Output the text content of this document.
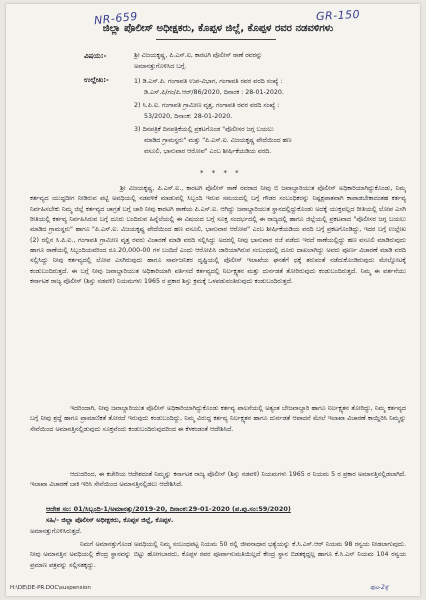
NR-659	GR-150
ಜಿಲ್ಲಾ ಪೊಲೀಸ್ ಅಧೀಕ್ಷಕರು, ಕೊಪ್ಪಳ ಜಿಲ್ಲೆ, ಕೊಪ್ಪಳ ರವರ ನಡವಳಿಗಳು
ವಿಷಯ:-	ಶ್ರೀ ವಿಜಯಕೃಷ್ಣ, ಪಿ.ಎಸ್.ಐ, ಕಾರಟಗಿ ಪೊಲೀಸ್ ಠಾಣೆ ರವರನ್ನು
ಅಮಾನತ್ತುಗೊಳಿಸಿದ ಬಗ್ಗೆ.
ಉಲ್ಲೇಖ:-	1) ಡಿ.ಎಸ್.ಪಿ. ಗಂಗಾವತಿ ಉಪ-ವಿಭಾಗ, ಗಂಗಾವತಿ ರವರ ವರದಿ ಸಂಖ್ಯೆ :
ಡಿ.ಎಸ್.ಪಿ/ಗಂ/ಪಿ.ಆರ್/86/2020, ದಿನಾಂಕ : 28-01-2020.
2) ಸಿ.ಪಿ.ಐ. ಗಂಗಾವತಿ ಗ್ರಾಮೀಣ ವೃತ್ತ, ಗಂಗಾವತಿ ರವರ ವರದಿ ಸಂಖ್ಯೆ :
53/2020, ದಿನಾಂಕ: 28-01-2020.
3) ದಿನಪತ್ರಿಕೆ ದಿನಪತ್ರಿಕೆಯಲ್ಲಿ ಪ್ರಕಟಗೊಂಡ "ಪೊಲೀಸರ ಜಗ್ಗ ಬಯಲು
ಮಾಡಿದ ಗ್ರಾಮಸ್ಥರು" ಮತ್ತು "ಪಿ.ಎಸ್.ಐ. ವಿಜಯಕೃಷ್ಣ ಪೇದೆಯಿಂದ ಹಣ
ವಸೂಲಿ, ಭಾನುವಾರ ಆರೋಪ" ಎಂಬ ಶೀರ್ಷಿಕೆಯಡಿಯ ವರದಿ.
* * * *
ಶ್ರೀ ವಿಜಯಕೃಷ್ಣ, ಪಿ.ಎಸ್.ಐ., ಕಾರಟಗಿ ಪೊಲೀಸ್ ಠಾಣೆ ರವರಾದ ನೀವು ಬಿ ಜವಾಬ್ದಾರಿಯುತ ಪೊಲೀಸ್ ಅಧಿಕಾರಿಯಾಗಿದ್ದುಕೊಂಡು, ನಿಮ್ಮ ಕರ್ತವ್ಯದ ಯುದ್ಧದೀಗ ನೀಡಿರುವ ಪಟ್ಟಿ ಅವಧಿಯಲ್ಲಿ ನಡವಳಿಕೆ ಮಾಡುವಲ್ಲಿ ಸಿಬ್ಬಂದಿ ಇರುವ ಸಮಯದಲ್ಲಿ ಬಗ್ಗೆ ಗೌಡರ ಸಂಬಂಧಿಕರನ್ನು ನಿಷ್ಪಕ್ಷಪಾತವಾಗಿ ಕಾಪಾಡಬೇಕಾದಂತಹ ಕರ್ತವ್ಯ ನಿರ್ವಹಿಸಬೇಕು ನಿಮ್ಮ ಜಿಲ್ಲೆ ಕರ್ತವ್ಯದ ಚಾಗ್ರತೆ ಬಗ್ಗೆ ಚಾರಿ ನೀವು ಕಾರಟಗಿ ಠಾಣೆಯ ಪಿ.ಎಸ್.ಐ. ಆಗಿದ್ದು ಜವಾಬ್ದಾರಿಯುತ ಸ್ಥಾನದಲ್ಲಿದ್ದುಕೊಂಡು ಅದಕ್ಕೆ ಯುಕ್ತವಲ್ಲದ ರೀತಿಯಲ್ಲಿ ಲೋಪ ಎಸಗಿ ರೀತಿಯಲ್ಲಿ ಕರ್ತವ್ಯ ನಿರ್ವಹಿಸಿರುವ ಬಗ್ಗೆ ದೂರು ಬಂದಿರುವ ಹಿನ್ನೆಲೆಯಲ್ಲಿ ಈ ವಿಷಯದ ಬಗ್ಗೆ ಸೂಕ್ತ ಸಂದರ್ಭದಲ್ಲಿ ಈ ರಾಜ್ಯದಲ್ಲಿ ಹಾಗೂ ಜಿಲ್ಲೆಯಲ್ಲಿ ಪ್ರಕಟವಾದ "ಪೊಲೀಸರ ಜಗ್ಗ ಬಯಲು ಮಾಡಿದ ಗ್ರಾಮಸ್ಥರು" ಹಾಗೂ "ಪಿ.ಎಸ್.ಐ. ವಿಜಯಕೃಷ್ಣ ಪೇದೆಯಿಂದ ಹಣ ವಸೂಲಿ, ಭಾನುವಾರ ಆರೋಪ" ಎಂಬ ಶೀರ್ಷಿಕೆಯಡಿಯ ವರದಿ ಬಗ್ಗೆ ಪ್ರಕಟಗೊಂಡಿದ್ದು, ಇದರ ಬಗ್ಗೆ ಉಲ್ಲೇಖ (2) ರಲ್ಲಿನ ಸಿ.ಪಿ.ಐ., ಗಂಗಾವತಿ ಗ್ರಾಮೀಣ ವೃತ್ತ ರವರು ವಿಚಾರಣೆ ಮಾಡಿ ವರದಿ ಸಲ್ಲಿಸಿದ್ದು ಅದರಲ್ಲಿ ನೀವು ಭಾನುವಾರ ರಜೆ ಪಡೆದು ಇರದೆ ಠಾಣೆಯಲ್ಲಿದ್ದು ಹಣ ವಸೂಲಿ ಮಾಡಿರುವುದು ಹಾಗೂ ಠಾಣೆಯಲ್ಲಿ ಸಿಬ್ಬಂದಿಯವರಿಂದ ರೂ.20,000-00 ಗಳ ಬಂದಿದೆ ಎಂದು ಆರೋಪಿಸಿ ಜಾರಿಯಾಗಿರುವ ಸಂಬಂಧದಲ್ಲಿ ದೂರು ದಾಖಲಾಗಿದ್ದು ಅವರು ಪೂರ್ಣ ವಿಚಾರಣೆ ಮಾಡಿ ವರದಿ ಸಲ್ಲಿಸಿದ್ದು ನೀವು ಕರ್ತವ್ಯದಲ್ಲಿ ಲೋಪ ಎಸಗಿರುವುದು ಹಾಗೂ ಸಾರ್ವಜನಿಕರ ದೃಷ್ಟಿಯಲ್ಲಿ ಪೊಲೀಸ್ ಇಲಾಖೆಯ ಘನತೆಗೆ ಧಕ್ಕೆ ತರುವಂತೆ ನಡೆದುಕೊಂಡಿರುವುದು ಮೇಲ್ನೋಟಕ್ಕೆ ಕಂಡುಬಂದಿರುತ್ತದೆ. ಈ ಬಗ್ಗೆ ನೀವು ಜವಾಬ್ದಾರಿಯುತ ಅಧಿಕಾರಿಯಾಗಿ ವರ್ತಿಸದೆ ಕರ್ತವ್ಯದಲ್ಲಿ ನಿರ್ಲಕ್ಷ್ಯತನ ಮತ್ತು ದುರ್ನಡತೆ ತೋರಿರುವುದು ಕಂಡುಬಂದಿರುತ್ತದೆ. ನಿಮ್ಮ ಈ ವರ್ತನೆಯು ಕರ್ನಾಟಕ ರಾಜ್ಯ ಪೊಲೀಸ್ (ಶಿಸ್ತು ನಡವಳಿ) ನಿಯಮಗಳು 1965 ರ ಪ್ರಕಾರ ಶಿಸ್ತು ಕ್ರಮಕ್ಕೆ ಒಳಪಡುವಂತಿರುವುದು ಕಂಡುಬಂದಿರುತ್ತದೆ.
ಇದರಿಂದಾಗಿ, ನೀವು ಜವಾಬ್ದಾರಿಯುತ ಪೊಲೀಸ್ ಅಧಿಕಾರಿಯಾಗಿದ್ದುಕೊಂಡು ಕರ್ತವ್ಯ ಪಾಲನೆಯಲ್ಲಿ ಅತ್ಯಂತ ಬೇಜವಾಬ್ದಾರಿ ಹಾಗೂ ನಿರ್ಲಕ್ಷ್ಯತನ ತೋರಿದ್ದು, ನಿಮ್ಮ ಕರ್ತವ್ಯದ ಬಗ್ಗೆ ನೀವು ಶ್ರದ್ಧೆ ಹಾಗೂ ಪ್ರಾಮಾಣಿಕತೆ ತೋರದೆ ಇರುವುದು ಕಂಡುಬಂದಿದ್ದು, ನಿಮ್ಮ ವಿರುದ್ಧ ಕರ್ತವ್ಯ ನಿರ್ಲಕ್ಷ್ಯತನ ಹಾಗೂ ದುರ್ನಡತೆ ಆಪಾದನೆ ಮೇಲೆ ಇಲಾಖಾ ವಿಚಾರಣೆ ಕಾಯ್ದಿರಿಸಿ ನಿಮ್ಮನ್ನು ಸೇವೆಯಿಂದ ಅಮಾನತ್ತಿನಲ್ಲಿಡುವುದು ಸೂಕ್ತವೆಂದು ಕಂಡುಬಂದಿರುವುದರಿಂದ ಈ ಕೆಳಕಂಡಂತೆ ಆದೇಶಿಸಿದೆ.
ಆದುದರಿಂದ, ಈ ಕಚೇರಿಯ ಆದೇಶದಂತೆ ನಿಮ್ಮನ್ನು ಕರ್ನಾಟಕ ರಾಜ್ಯ ಪೊಲೀಸ್ (ಶಿಸ್ತು ನಡವಳಿ) ನಿಯಮಗಳು 1965 ರ ನಿಯಮ 5 ರ ಪ್ರಕಾರ ಅಮಾನತ್ತಿನಲ್ಲಿಡಲಾಗಿದೆ. ಇಲಾಖಾ ವಿಚಾರಣೆ ಬಾಕಿ ಇರಿಸಿ ಸೇವೆಯಿಂದ ಅಮಾನತ್ತಿನಲ್ಲಿಡಲು ಆದೇಶಿಸಿದೆ.
ಆದೇಶ ಸಂ: 01/ಸಿಬ್ಬಂದಿ-1/ಅಮಾನತ್ತು/2019-20, ದಿನಾಂಕ:29-01-2020 (ಪ.ಪು.ಸಂ:59/2020)
ಸಹಿ/- ಜಿಲ್ಲಾ ಪೊಲೀಸ್ ಅಧೀಕ್ಷಕರು, ಕೊಪ್ಪಳ ಜಿಲ್ಲೆ, ಕೊಪ್ಪಳ.
ಅಮಾನತ್ತುಗೊಳಿಸಿರುತ್ತದೆ.
ನಿಮಗೆ ಅಮಾನತ್ತುಗೊಂಡ ಅವಧಿಯಲ್ಲಿ ನಿಮ್ಮ ಸಂಬಂಧಪಟ್ಟ ನಿಯಮ 50 ರಲ್ಲಿ ಜೀವನಾಧಾರ ಭತ್ಯೆಯನ್ನು ಕೆ.ಸಿ.ಎಸ್.ಆರ್ ನಿಯಮ 98 ರನ್ವಯ ನೀಡಲಾಗುವುದು. ನೀವು ಅಮಾನತ್ತಿನ ಅವಧಿಯಲ್ಲಿ ಕೇಂದ್ರ ಸ್ಥಾನವನ್ನು ಬಿಟ್ಟು ಹೋಗಬಾರದು, ಕೊಪ್ಪಳ ರವರ ಪೂರ್ವಾನುಮತಿಯಿಲ್ಲದೆ ಕೇಂದ್ರ ಸ್ಥಾನ ಬಿಡತಕ್ಕದ್ದಲ್ಲ ಹಾಗೂ ಕೆ.ಸಿ.ಎಸ್ ನಿಯಮ 104 ರನ್ವಯ ಪ್ರಮಾಣ ಪತ್ರವನ್ನು ಸಲ್ಲಿಸತಕ್ಕದ್ದು.
H:\DE\DE-PR.DOC\suspension	ಪುಟ-2ಕ್ಕೆ
